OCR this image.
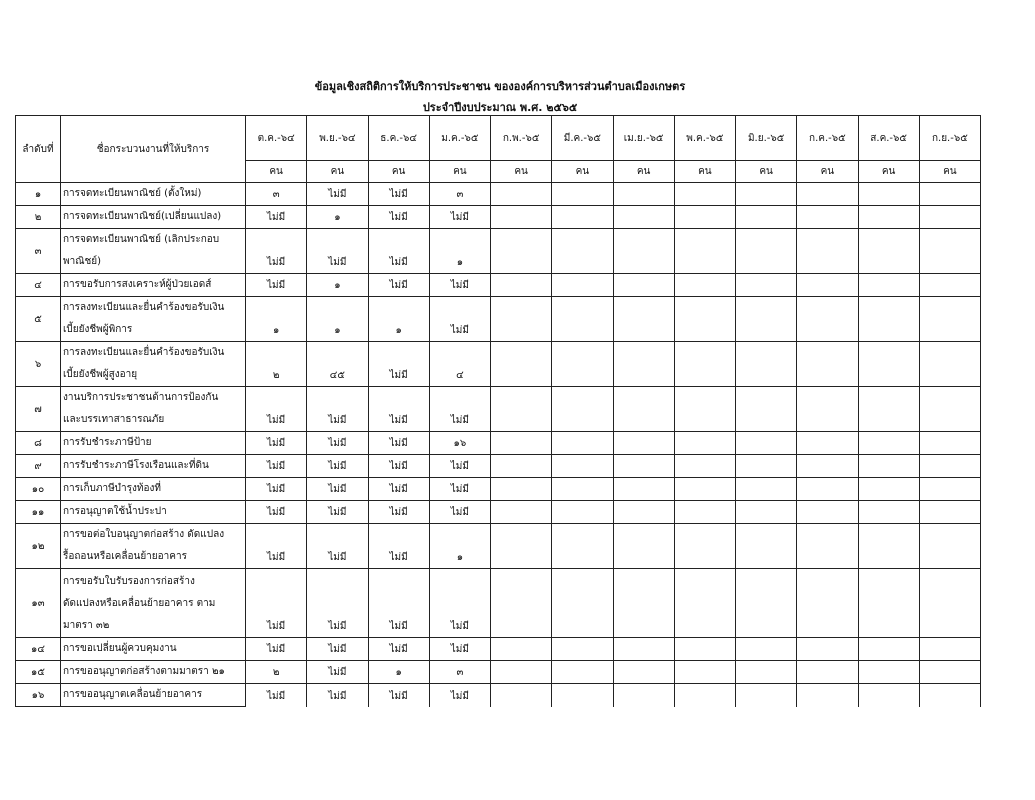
ข้อมูลเชิงสถิติการให้บริการประชาชน ขององค์การบริหารส่วนตำบลเมืองเกษตร
ประจำปีงบประมาณ พ.ศ. ๒๕๖๕
ลำดับที่	ชื่อกระบวนงานที่ให้บริการ	ต.ค.-๖๔	พ.ย.-๖๔	ธ.ค.-๖๔	ม.ค.-๖๕	ก.พ.-๖๕	มี.ค.-๖๕	เม.ย.-๖๕	พ.ค.-๖๕	มิ.ย.-๖๕	ก.ค.-๖๕	ส.ค.-๖๕	ก.ย.-๖๕
		คน	คน	คน	คน	คน	คน	คน	คน	คน	คน	คน	คน
๑	การจดทะเบียนพาณิชย์ (ตั้งใหม่)	๓	ไม่มี	ไม่มี	๓								
๒	การจดทะเบียนพาณิชย์(เปลี่ยนแปลง)	ไม่มี	๑	ไม่มี	ไม่มี								
๓	การจดทะเบียนพาณิชย์ (เลิกประกอบ
พาณิชย์)	ไม่มี	ไม่มี	ไม่มี	๑								
๔	การขอรับการสงเคราะห์ผู้ป่วยเอดส์	ไม่มี	๑	ไม่มี	ไม่มี								
๕	การลงทะเบียนและยื่นคำร้องขอรับเงิน
เบี้ยยังชีพผู้พิการ	๑	๑	๑	ไม่มี								
๖	การลงทะเบียนและยื่นคำร้องขอรับเงิน
เบี้ยยังชีพผู้สูงอายุ	๒	๔๕	ไม่มี	๔								
๗	งานบริการประชาชนด้านการป้องกัน
และบรรเทาสาธารณภัย	ไม่มี	ไม่มี	ไม่มี	ไม่มี								
๘	การรับชำระภาษีป้าย	ไม่มี	ไม่มี	ไม่มี	๑๖								
๙	การรับชำระภาษีโรงเรือนและที่ดิน	ไม่มี	ไม่มี	ไม่มี	ไม่มี								
๑๐	การเก็บภาษีบำรุงท้องที่	ไม่มี	ไม่มี	ไม่มี	ไม่มี								
๑๑	การอนุญาตใช้น้ำประปา	ไม่มี	ไม่มี	ไม่มี	ไม่มี								
๑๒	การขอต่อใบอนุญาตก่อสร้าง ดัดแปลง
รื้อถอนหรือเคลื่อนย้ายอาคาร	ไม่มี	ไม่มี	ไม่มี	๑								
๑๓	การขอรับใบรับรองการก่อสร้าง
ดัดแปลงหรือเคลื่อนย้ายอาคาร ตาม
มาตรา ๓๒	ไม่มี	ไม่มี	ไม่มี	ไม่มี								
๑๔	การขอเปลี่ยนผู้ควบคุมงาน	ไม่มี	ไม่มี	ไม่มี	ไม่มี								
๑๕	การขออนุญาตก่อสร้างตามมาตรา ๒๑	๒	ไม่มี	๑	๓								
๑๖	การขออนุญาตเคลื่อนย้ายอาคาร	ไม่มี	ไม่มี	ไม่มี	ไม่มี								
